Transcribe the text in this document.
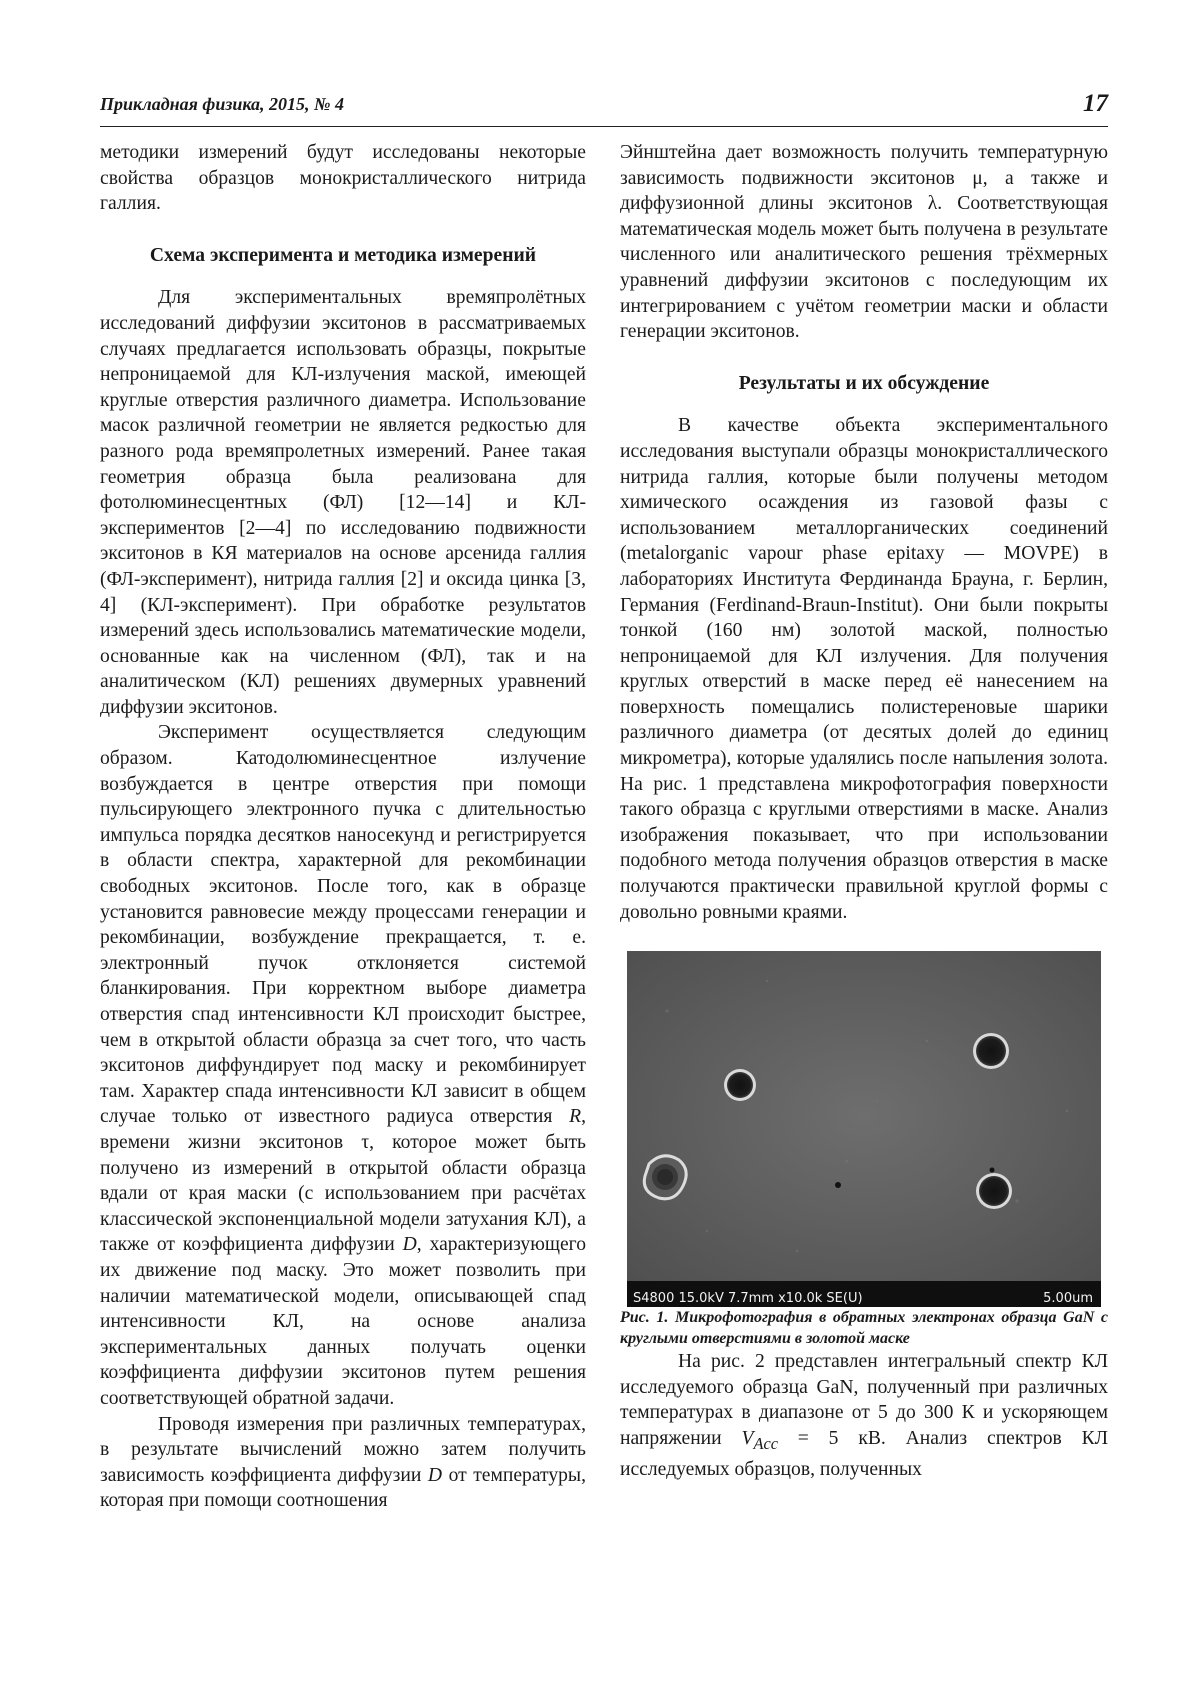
Прикладная физика, 2015, № 4	17

методики измерений будут исследованы некоторые свойства образцов монокристаллического нитрида галлия.

Схема эксперимента и методика измерений

Для экспериментальных времяпролётных исследований диффузии экситонов в рассматриваемых случаях предлагается использовать образцы, покрытые непроницаемой для КЛ-излучения маской, имеющей круглые отверстия различного диаметра. Использование масок различной геометрии не является редкостью для разного рода времяпролетных измерений. Ранее такая геометрия образца была реализована для фотолюминесцентных (ФЛ) [12—14] и КЛ-экспериментов [2—4] по исследованию подвижности экситонов в КЯ материалов на основе арсенида галлия (ФЛ-эксперимент), нитрида галлия [2] и оксида цинка [3, 4] (КЛ-эксперимент). При обработке результатов измерений здесь использовались математические модели, основанные как на численном (ФЛ), так и на аналитическом (КЛ) решениях двумерных уравнений диффузии экситонов.

Эксперимент осуществляется следующим образом. Катодолюминесцентное излучение возбуждается в центре отверстия при помощи пульсирующего электронного пучка с длительностью импульса порядка десятков наносекунд и регистрируется в области спектра, характерной для рекомбинации свободных экситонов. После того, как в образце установится равновесие между процессами генерации и рекомбинации, возбуждение прекращается, т. е. электронный пучок отклоняется системой бланкирования. При корректном выборе диаметра отверстия спад интенсивности КЛ происходит быстрее, чем в открытой области образца за счет того, что часть экситонов диффундирует под маску и рекомбинирует там. Характер спада интенсивности КЛ зависит в общем случае только от известного радиуса отверстия R, времени жизни экситонов τ, которое может быть получено из измерений в открытой области образца вдали от края маски (с использованием при расчётах классической экспоненциальной модели затухания КЛ), а также от коэффициента диффузии D, характеризующего их движение под маску. Это может позволить при наличии математической модели, описывающей спад интенсивности КЛ, на основе анализа экспериментальных данных получать оценки коэффициента диффузии экситонов путем решения соответствующей обратной задачи.

Проводя измерения при различных температурах, в результате вычислений можно затем получить зависимость коэффициента диффузии D от температуры, которая при помощи соотношения

Эйнштейна дает возможность получить температурную зависимость подвижности экситонов μ, а также и диффузионной длины экситонов λ. Соответствующая математическая модель может быть получена в результате численного или аналитического решения трёхмерных уравнений диффузии экситонов с последующим их интегрированием с учётом геометрии маски и области генерации экситонов.

Результаты и их обсуждение

В качестве объекта экспериментального исследования выступали образцы монокристаллического нитрида галлия, которые были получены методом химического осаждения из газовой фазы с использованием металлорганических соединений (metalorganic vapour phase epitaxy — MOVPE) в лабораториях Института Фердинанда Брауна, г. Берлин, Германия (Ferdinand-Braun-Institut). Они были покрыты тонкой (160 нм) золотой маской, полностью непроницаемой для КЛ излучения. Для получения круглых отверстий в маске перед её нанесением на поверхность помещались полистереновые шарики различного диаметра (от десятых долей до единиц микрометра), которые удалялись после напыления золота. На рис. 1 представлена микрофотография поверхности такого образца с круглыми отверстиями в маске. Анализ изображения показывает, что при использовании подобного метода получения образцов отверстия в маске получаются практически правильной круглой формы с довольно ровными краями.

S4800 15.0kV 7.7mm x10.0k SE(U)	5.00um

Рис. 1. Микрофотография в обратных электронах образца GaN с круглыми отверстиями в золотой маске

На рис. 2 представлен интегральный спектр КЛ исследуемого образца GaN, полученный при различных температурах в диапазоне от 5 до 300 К и ускоряющем напряжении $V_{Acc} = 5$ кВ. Анализ спектров КЛ исследуемых образцов, полученных
